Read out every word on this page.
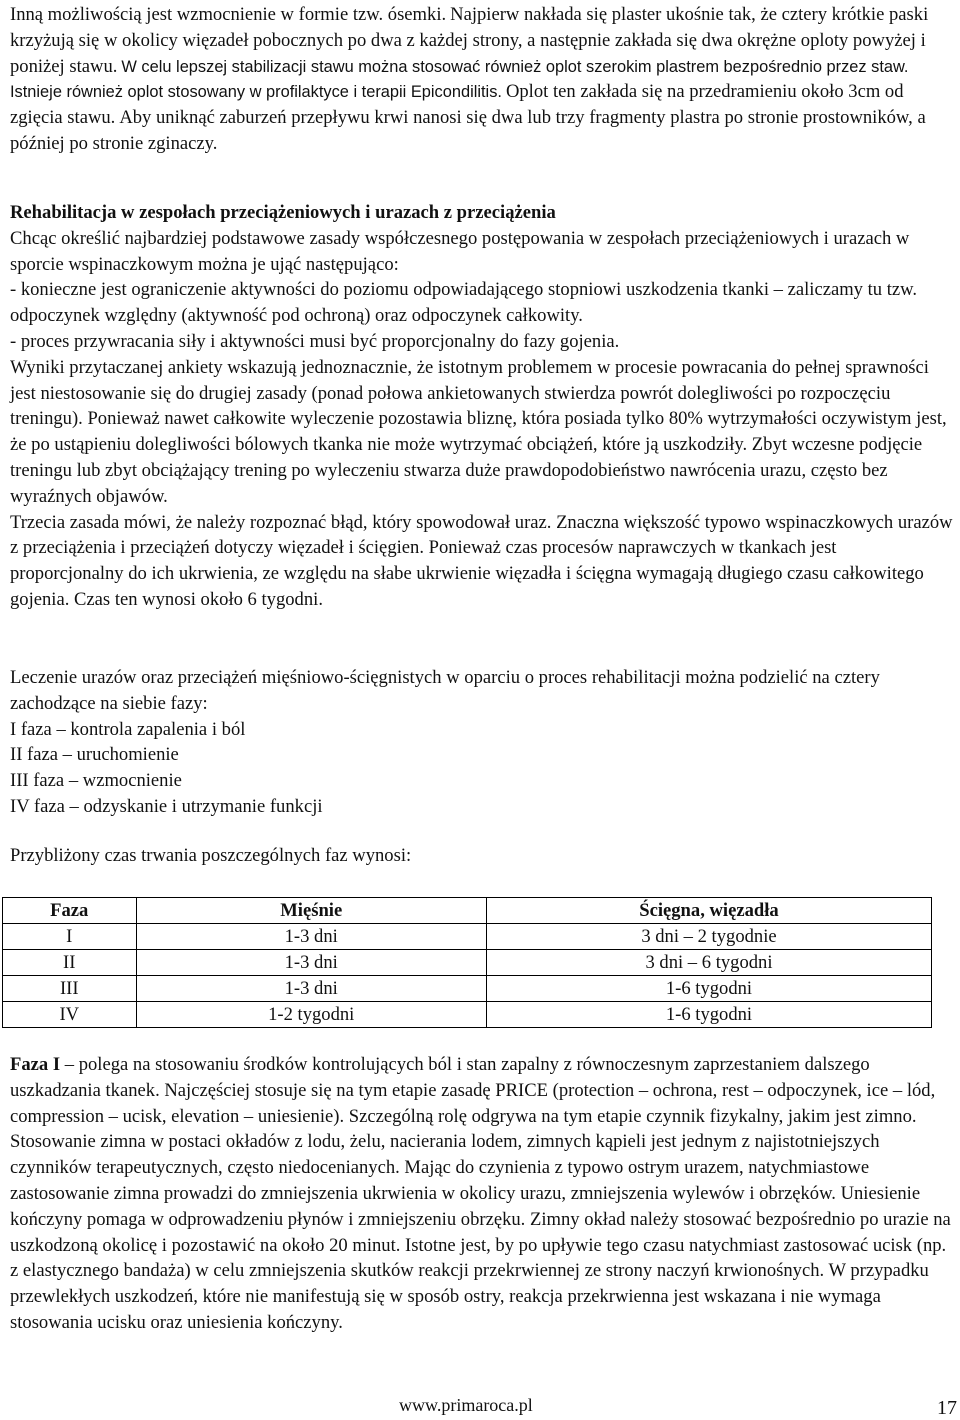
Inną możliwością jest wzmocnienie w formie tzw. ósemki. Najpierw nakłada się plaster ukośnie tak, że cztery krótkie paski krzyżują się w okolicy więzadeł pobocznych po dwa z każdej strony, a następnie zakłada się dwa okrężne oploty powyżej i poniżej stawu. W celu lepszej stabilizacji stawu można stosować również oplot szerokim plastrem bezpośrednio przez staw. Istnieje również oplot stosowany w profilaktyce i terapii Epicondilitis. Oplot ten zakłada się na przedramieniu około 3cm od zgięcia stawu. Aby uniknąć zaburzeń przepływu krwi nanosi się dwa lub trzy fragmenty plastra po stronie prostowników, a później po stronie zginaczy.

Rehabilitacja w zespołach przeciążeniowych i urazach z przeciążenia

Chcąc określić najbardziej podstawowe zasady współczesnego postępowania w zespołach przeciążeniowych i urazach w sporcie wspinaczkowym można je ująć następująco:

- konieczne jest ograniczenie aktywności do poziomu odpowiadającego stopniowi uszkodzenia tkanki – zaliczamy tu tzw. odpoczynek względny (aktywność pod ochroną) oraz odpoczynek całkowity.

- proces przywracania siły i aktywności musi być proporcjonalny do fazy gojenia.

Wyniki przytaczanej ankiety wskazują jednoznacznie, że istotnym problemem w procesie powracania do pełnej sprawności jest niestosowanie się do drugiej zasady (ponad połowa ankietowanych stwierdza powrót dolegliwości po rozpoczęciu treningu). Ponieważ nawet całkowite wyleczenie pozostawia bliznę, która posiada tylko 80% wytrzymałości oczywistym jest, że po ustąpieniu dolegliwości bólowych tkanka nie może wytrzymać obciążeń, które ją uszkodziły. Zbyt wczesne podjęcie treningu lub zbyt obciążający trening po wyleczeniu stwarza duże prawdopodobieństwo nawrócenia urazu, często bez wyraźnych objawów.

Trzecia zasada mówi, że należy rozpoznać błąd, który spowodował uraz. Znaczna większość typowo wspinaczkowych urazów z przeciążenia i przeciążeń dotyczy więzadeł i ścięgien. Ponieważ czas procesów naprawczych w tkankach jest proporcjonalny do ich ukrwienia, ze względu na słabe ukrwienie więzadła i ścięgna wymagają długiego czasu całkowitego gojenia. Czas ten wynosi około 6 tygodni.

Leczenie urazów oraz przeciążeń mięśniowo-ścięgnistych w oparciu o proces rehabilitacji można podzielić na cztery zachodzące na siebie fazy:

I faza – kontrola zapalenia i ból

II faza – uruchomienie

III faza – wzmocnienie

IV faza – odzyskanie i utrzymanie funkcji

Przybliżony czas trwania poszczególnych faz wynosi:

Faza	Mięśnie	Ścięgna, więzadła
I	1-3 dni	3 dni – 2 tygodnie
II	1-3 dni	3 dni – 6 tygodni
III	1-3 dni	1-6 tygodni
IV	1-2 tygodni	1-6 tygodni

Faza I – polega na stosowaniu środków kontrolujących ból i stan zapalny z równoczesnym zaprzestaniem dalszego uszkadzania tkanek. Najczęściej stosuje się na tym etapie zasadę PRICE (protection – ochrona, rest – odpoczynek, ice – lód, compression – ucisk, elevation – uniesienie). Szczególną rolę odgrywa na tym etapie czynnik fizykalny, jakim jest zimno. Stosowanie zimna w postaci okładów z lodu, żelu, nacierania lodem, zimnych kąpieli jest jednym z najistotniejszych czynników terapeutycznych, często niedocenianych. Mając do czynienia z typowo ostrym urazem, natychmiastowe zastosowanie zimna prowadzi do zmniejszenia ukrwienia w okolicy urazu, zmniejszenia wylewów i obrzęków. Uniesienie kończyny pomaga w odprowadzeniu płynów i zmniejszeniu obrzęku. Zimny okład należy stosować bezpośrednio po urazie na uszkodzoną okolicę i pozostawić na około 20 minut. Istotne jest, by po upływie tego czasu natychmiast zastosować ucisk (np. z elastycznego bandaża) w celu zmniejszenia skutków reakcji przekrwiennej ze strony naczyń krwionośnych. W przypadku przewlekłych uszkodzeń, które nie manifestują się w sposób ostry, reakcja przekrwienna jest wskazana i nie wymaga stosowania ucisku oraz uniesienia kończyny.

www.primaroca.pl	17
